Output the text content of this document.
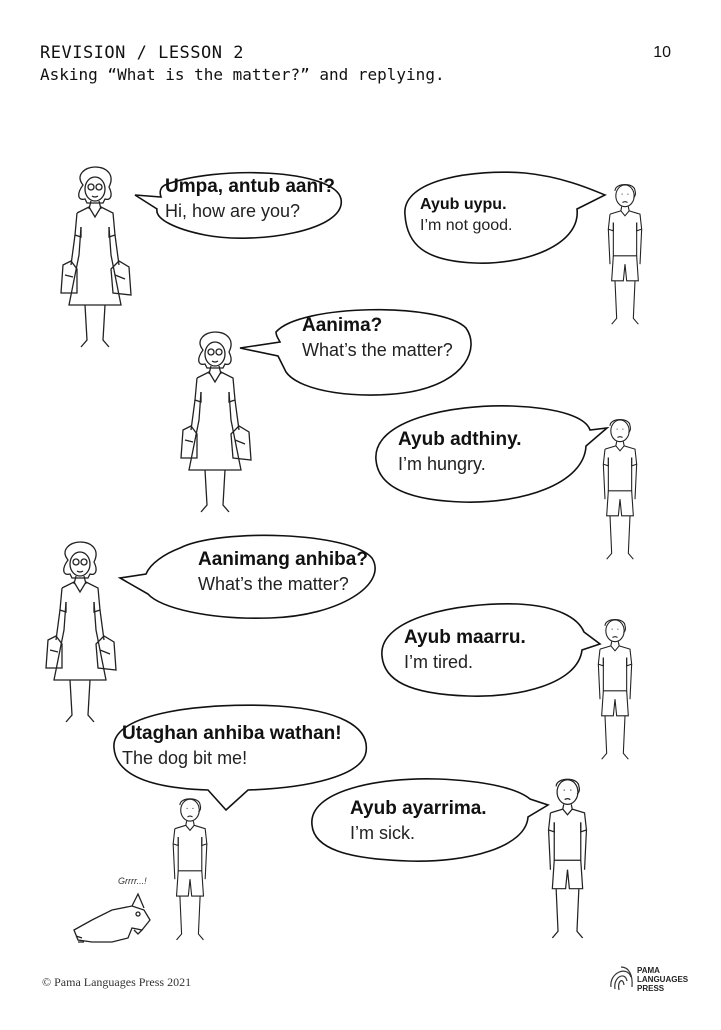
REVISION / LESSON 2
Asking “What is the matter?” and replying.
10
Grrrr...!
Umpa, antub aani?
Hi, how are you?	Ayub uypu.
I’m not good.
Aanima?
What’s the matter?
Ayub adthiny.
I’m hungry.
Aanimang anhiba?
What’s the matter?
Ayub maarru.
I’m tired.
Utaghan anhiba wathan!
The dog bit me!
Ayub ayarrima.
I’m sick.
© Pama Languages Press 2021
PAMA
LANGUAGES
PRESS
